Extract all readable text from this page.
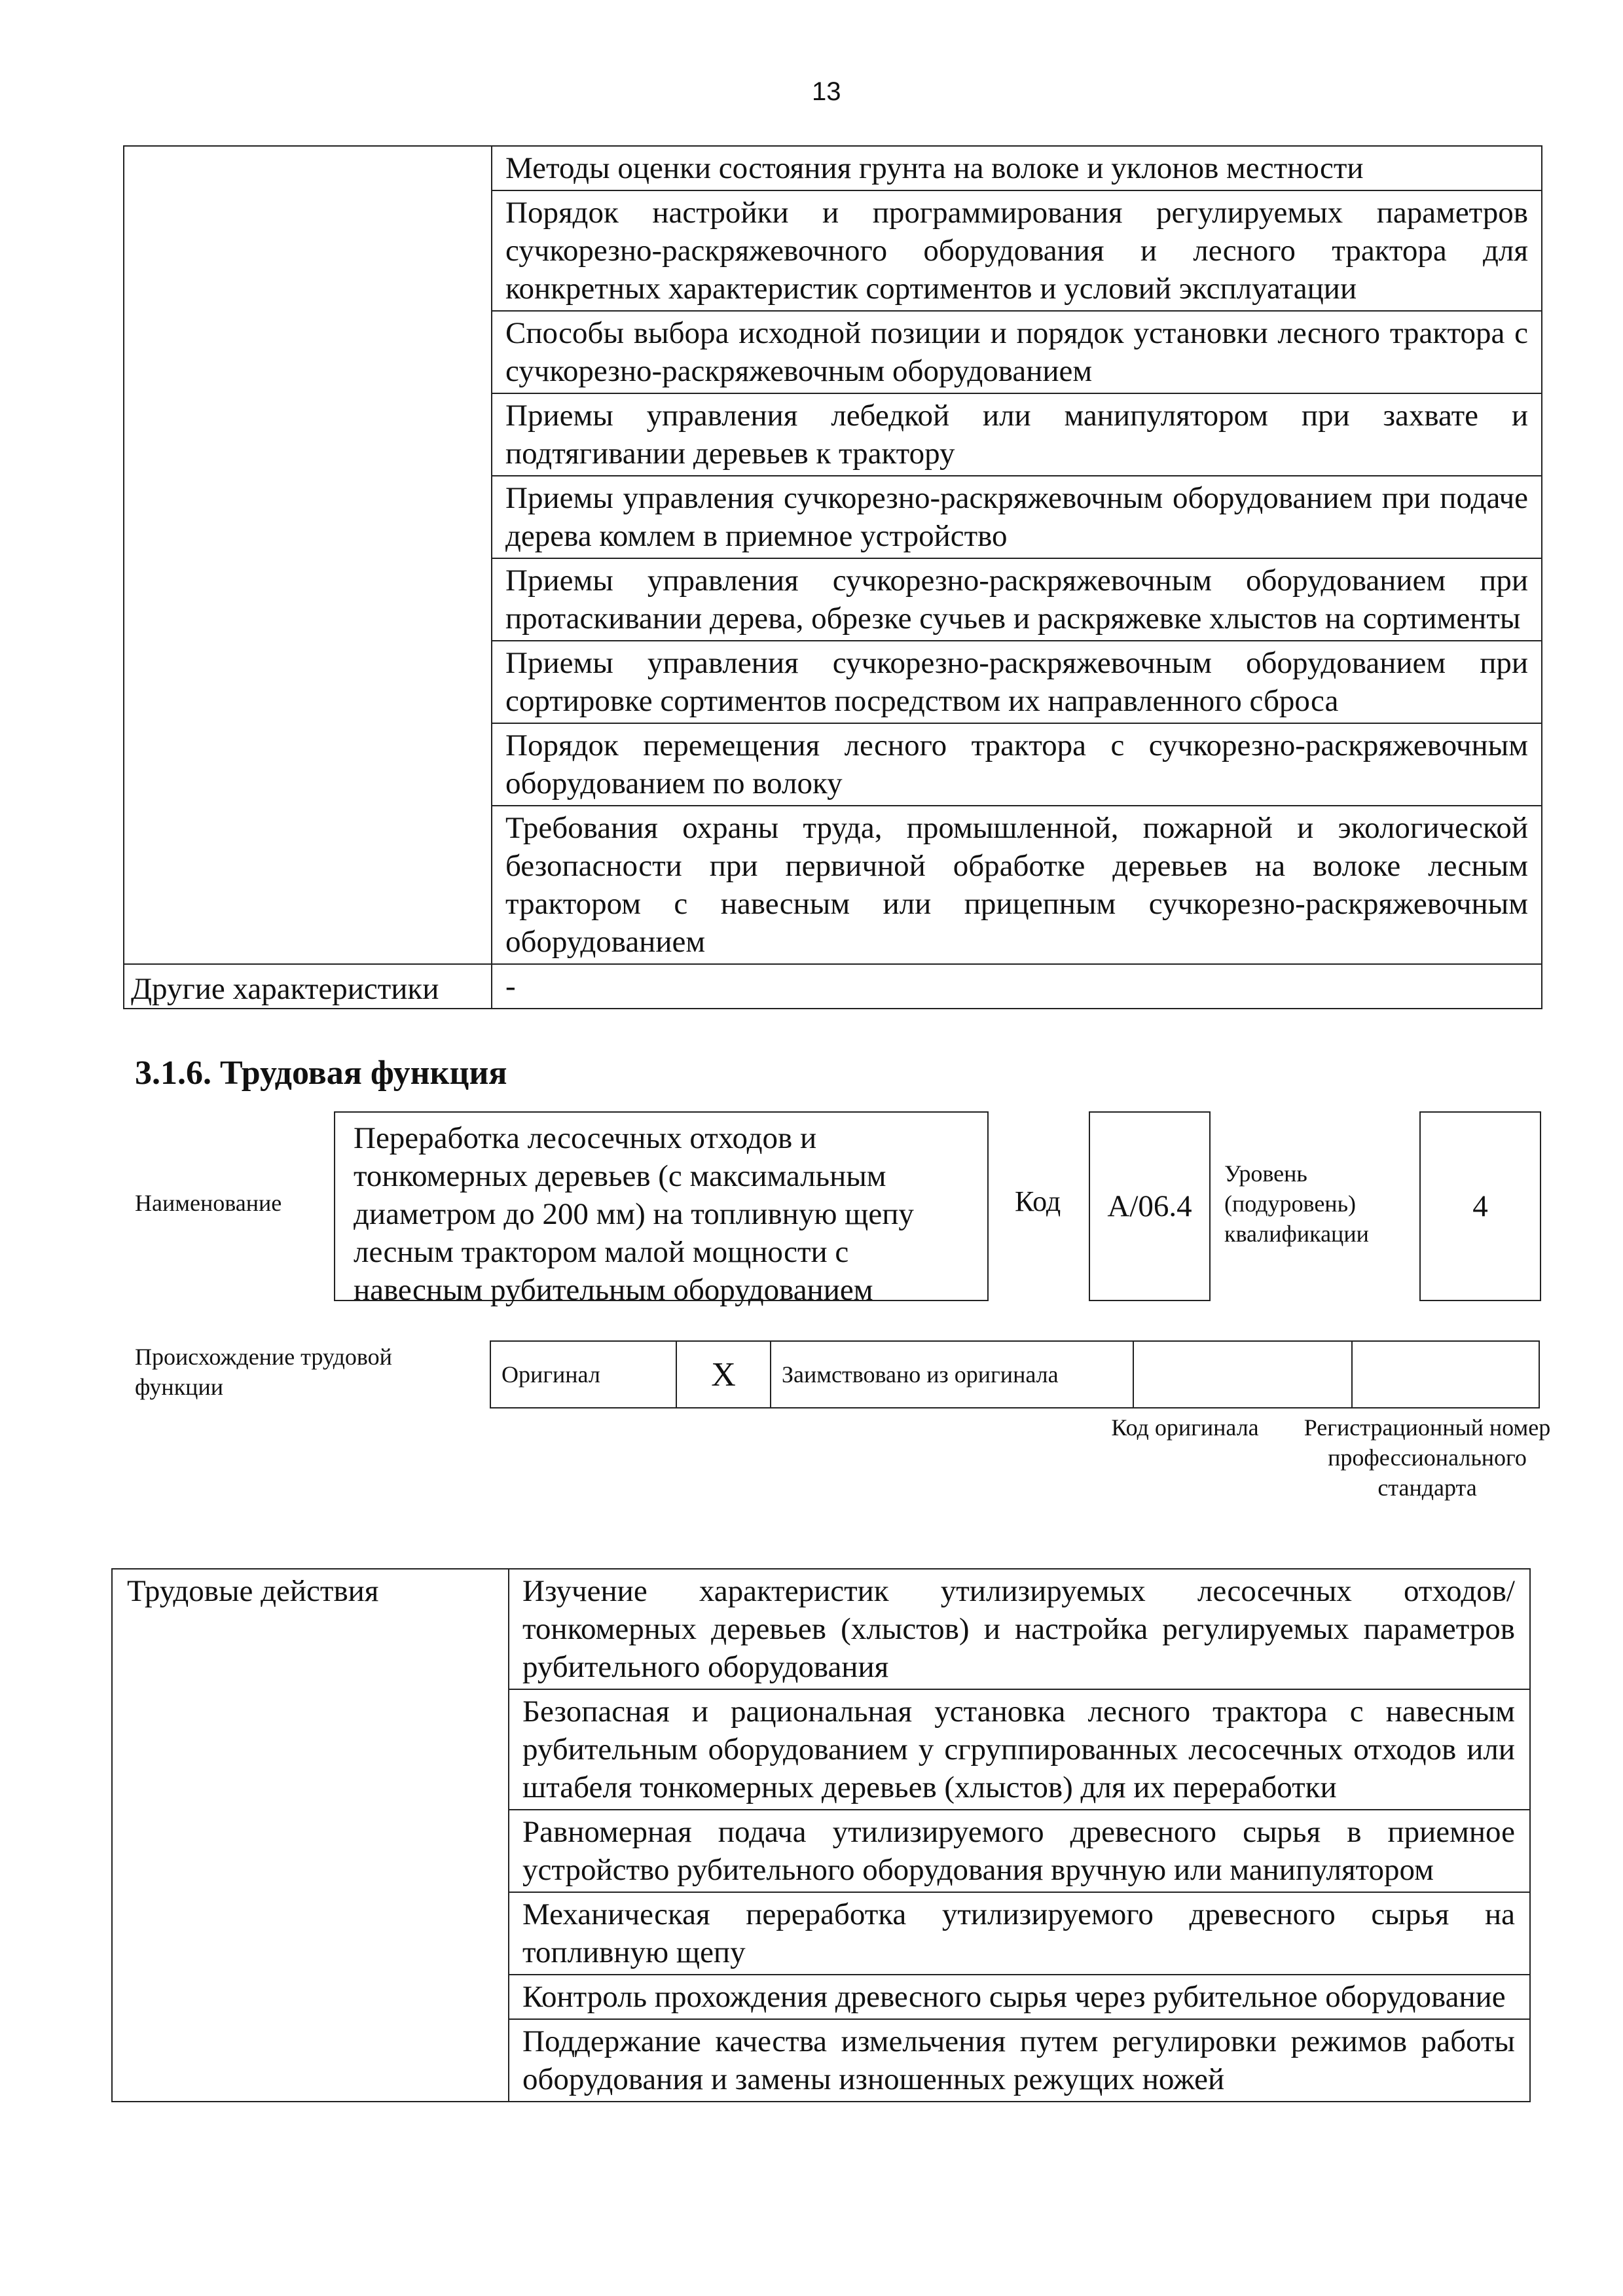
13
	Методы оценки состояния грунта на волоке и уклонов местности
	Порядок настройки и программирования регулируемых параметров сучкорезно-раскряжевочного оборудования и лесного трактора для конкретных характеристик сортиментов и условий эксплуатации
	Способы выбора исходной позиции и порядок установки лесного трактора с сучкорезно-раскряжевочным оборудованием
	Приемы управления лебедкой или манипулятором при захвате и подтягивании деревьев к трактору
	Приемы управления сучкорезно-раскряжевочным оборудованием при подаче дерева комлем в приемное устройство
	Приемы управления сучкорезно-раскряжевочным оборудованием при протаскивании дерева, обрезке сучьев и раскряжевке хлыстов на сортименты
	Приемы управления сучкорезно-раскряжевочным оборудованием при сортировке сортиментов посредством их направленного сброса
	Порядок перемещения лесного трактора с сучкорезно-раскряжевочным оборудованием по волоку
	Требования охраны труда, промышленной, пожарной и экологической безопасности при первичной обработке деревьев на волоке лесным трактором с навесным или прицепным сучкорезно-раскряжевочным оборудованием
Другие характеристики	-
3.1.6. Трудовая функция
Наименование
Переработка лесосечных отходов и тонкомерных деревьев (с максимальным диаметром до 200 мм) на топливную щепу лесным трактором малой мощности с навесным рубительным оборудованием
Код А/06.4
Уровень (подуровень) квалификации
4
Происхождение трудовой функции	Оригинал	X	Заимствовано из оригинала		
Код оригинала	Регистрационный номер профессионального стандарта
Трудовые действия	Изучение характеристик утилизируемых лесосечных отходов/ тонкомерных деревьев (хлыстов) и настройка регулируемых параметров рубительного оборудования
Безопасная и рациональная установка лесного трактора с навесным рубительным оборудованием у сгруппированных лесосечных отходов или штабеля тонкомерных деревьев (хлыстов) для их переработки
Равномерная подача утилизируемого древесного сырья в приемное устройство рубительного оборудования вручную или манипулятором
Механическая переработка утилизируемого древесного сырья на топливную щепу
Контроль прохождения древесного сырья через рубительное оборудование
Поддержание качества измельчения путем регулировки режимов работы оборудования и замены изношенных режущих ножей
